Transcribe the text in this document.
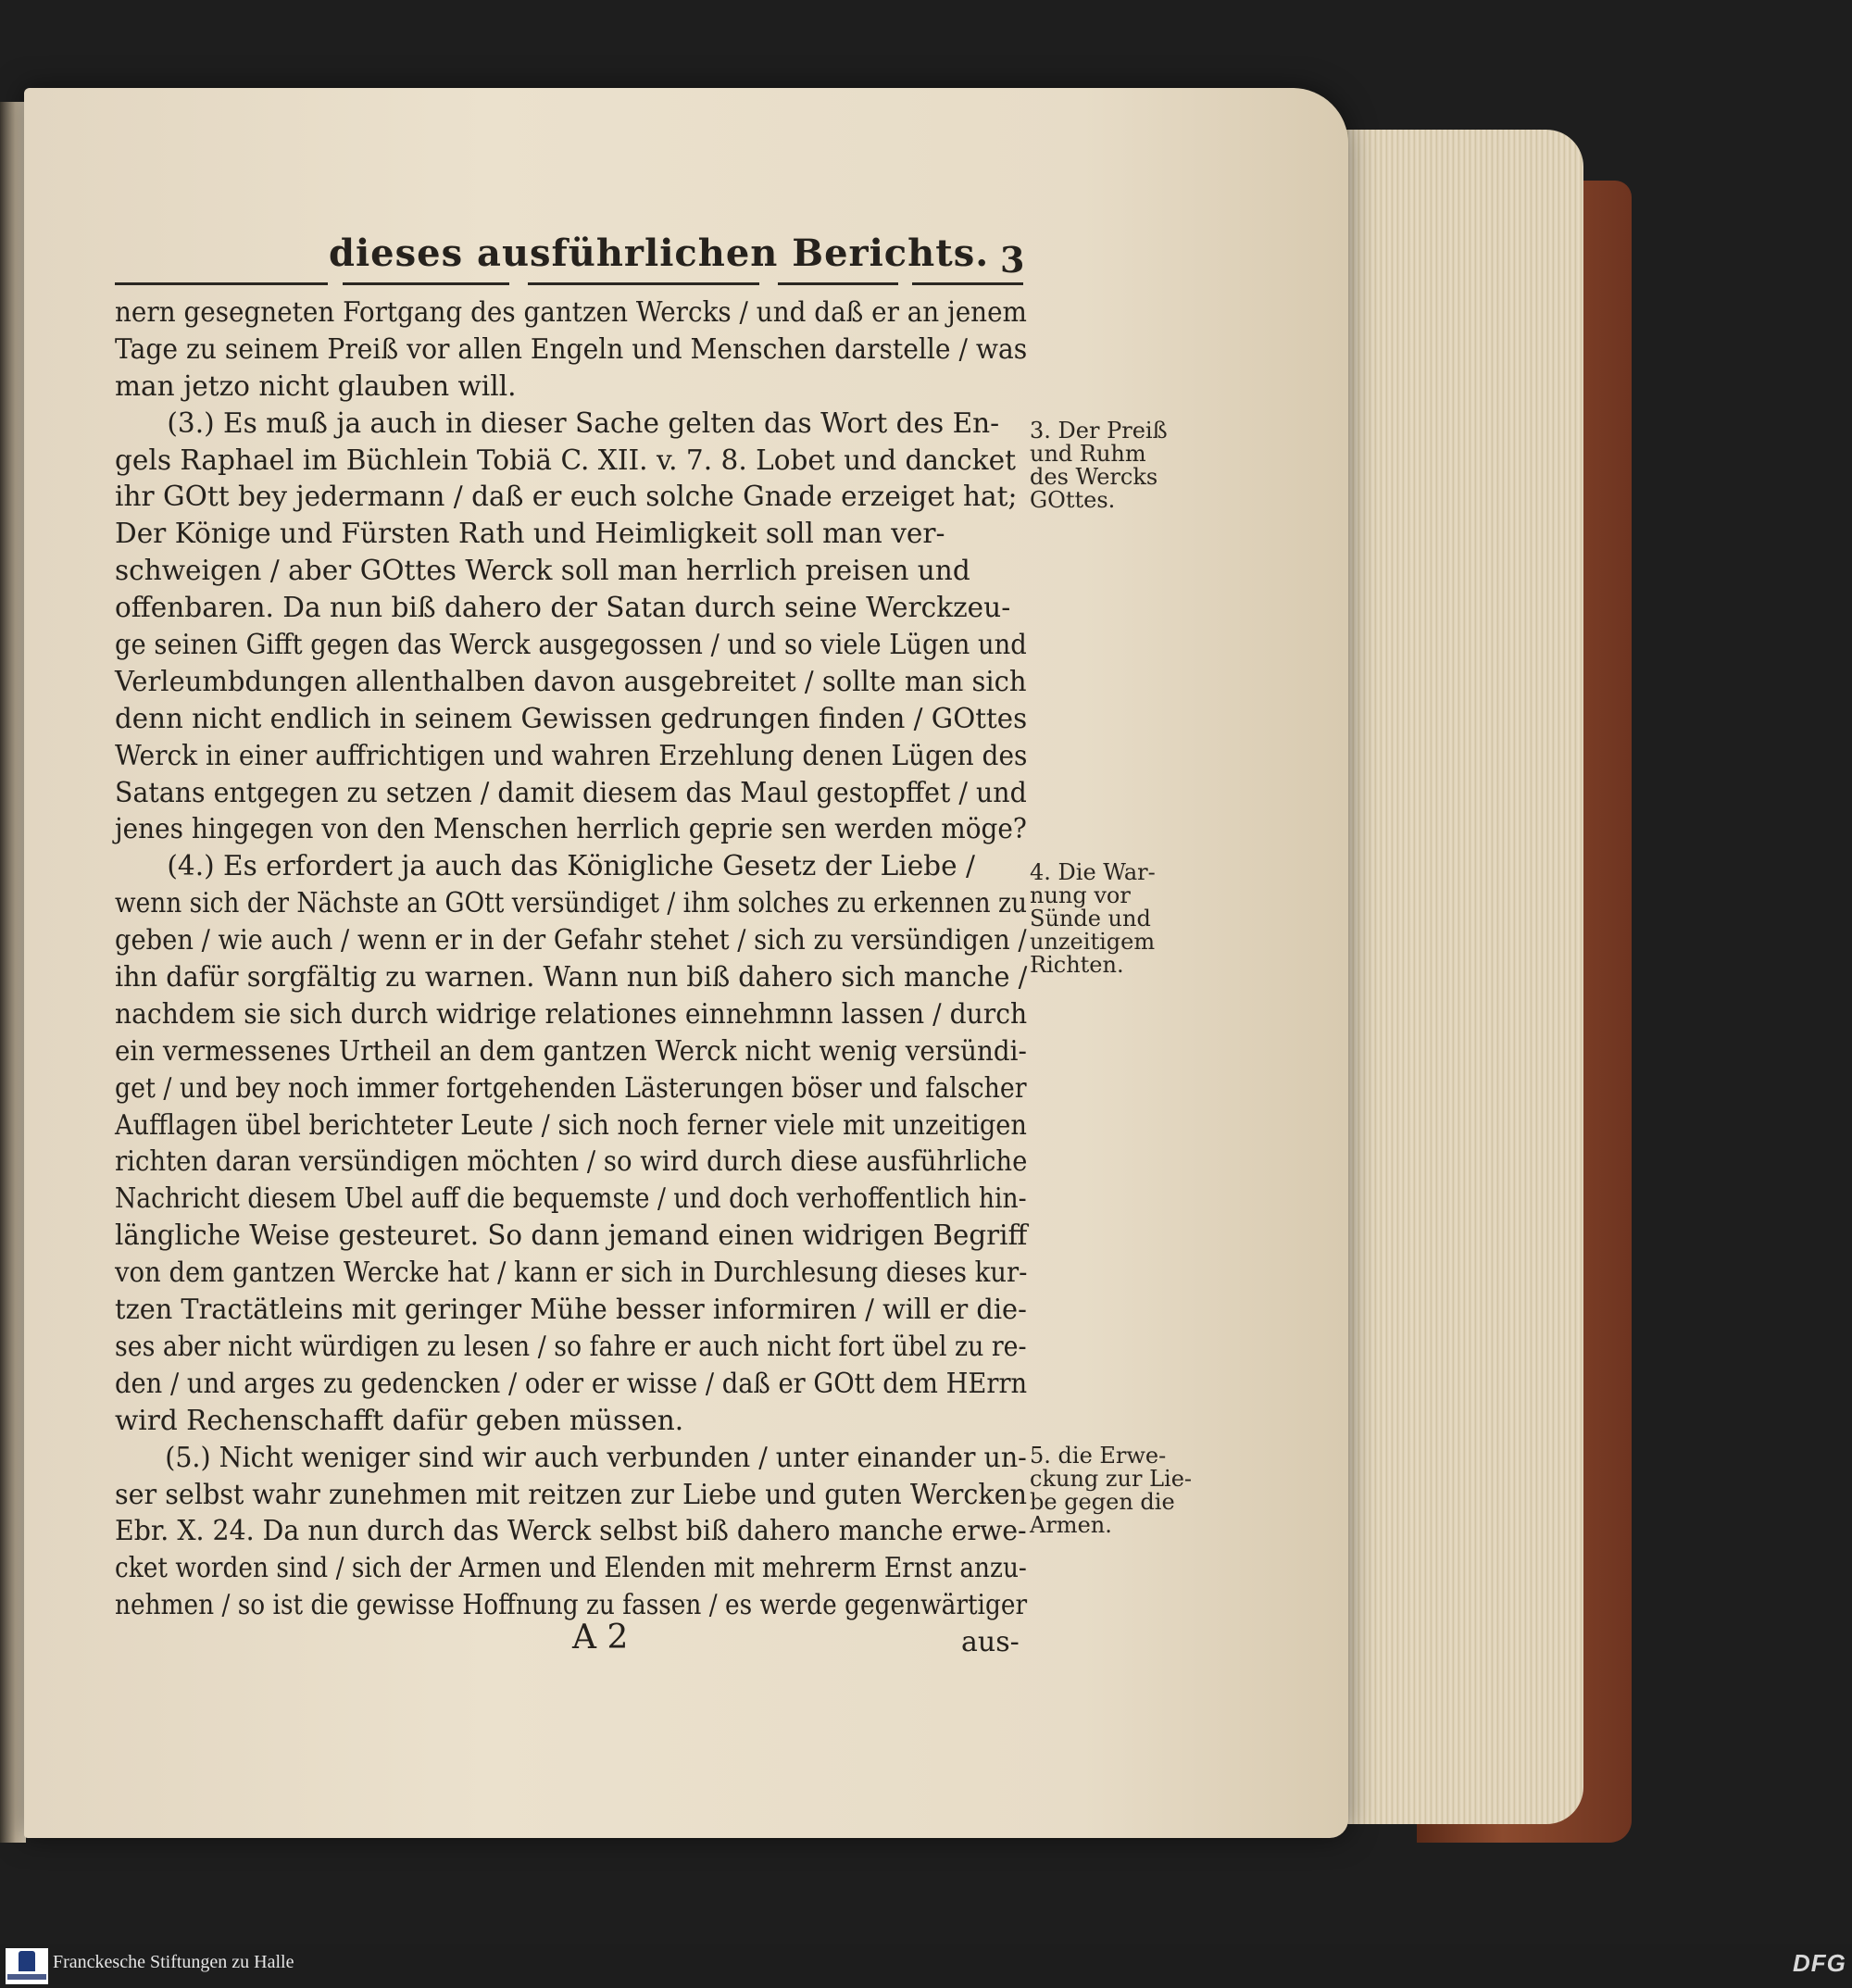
dieses ausführlichen Berichts. 3
nern gesegneten Fortgang des gantzen Wercks / und daß er an jenem
Tage zu seinem Preiß vor allen Engeln und Menschen darstelle / was
man jetzo nicht glauben will.
(3.) Es muß ja auch in dieser Sache gelten das Wort des En-
gels Raphael im Büchlein Tobiä C. XII. v. 7. 8. Lobet und dancket
ihr GOtt bey jedermann / daß er euch solche Gnade erzeiget hat;
Der Könige und Fürsten Rath und Heimligkeit soll man ver-
schweigen / aber GOttes Werck soll man herrlich preisen und
offenbaren. Da nun biß dahero der Satan durch seine Werckzeu-
ge seinen Gifft gegen das Werck ausgegossen / und so viele Lügen und
Verleumbdungen allenthalben davon ausgebreitet / sollte man sich
denn nicht endlich in seinem Gewissen gedrungen finden / GOttes
Werck in einer auffrichtigen und wahren Erzehlung denen Lügen des
Satans entgegen zu setzen / damit diesem das Maul gestopffet / und
jenes hingegen von den Menschen herrlich geprie sen werden möge?
(4.) Es erfordert ja auch das Königliche Gesetz der Liebe /
wenn sich der Nächste an GOtt versündiget / ihm solches zu erkennen zu
geben / wie auch / wenn er in der Gefahr stehet / sich zu versündigen /
ihn dafür sorgfältig zu warnen. Wann nun biß dahero sich manche /
nachdem sie sich durch widrige relationes einnehmnn lassen / durch
ein vermessenes Urtheil an dem gantzen Werck nicht wenig versündi-
get / und bey noch immer fortgehenden Lästerungen böser und falscher
Aufflagen übel berichteter Leute / sich noch ferner viele mit unzeitigen
richten daran versündigen möchten / so wird durch diese ausführliche
Nachricht diesem Ubel auff die bequemste / und doch verhoffentlich hin-
längliche Weise gesteuret. So dann jemand einen widrigen Begriff
von dem gantzen Wercke hat / kann er sich in Durchlesung dieses kur-
tzen Tractätleins mit geringer Mühe besser informiren / will er die-
ses aber nicht würdigen zu lesen / so fahre er auch nicht fort übel zu re-
den / und arges zu gedencken / oder er wisse / daß er GOtt dem HErrn
wird Rechenschafft dafür geben müssen.
(5.) Nicht weniger sind wir auch verbunden / unter einander un-
ser selbst wahr zunehmen mit reitzen zur Liebe und guten Wercken
Ebr. X. 24. Da nun durch das Werck selbst biß dahero manche erwe-
cket worden sind / sich der Armen und Elenden mit mehrerm Ernst anzu-
nehmen / so ist die gewisse Hoffnung zu fassen / es werde gegenwärtiger
3. Der Preiß
und Ruhm
des Wercks
GOttes.
4. Die War-
nung vor
Sünde und
unzeitigem
Richten.
5. die Erwe-
ckung zur Lie-
be gegen die
Armen.
A 2	aus-
Franckesche Stiftungen zu Halle	DFG
